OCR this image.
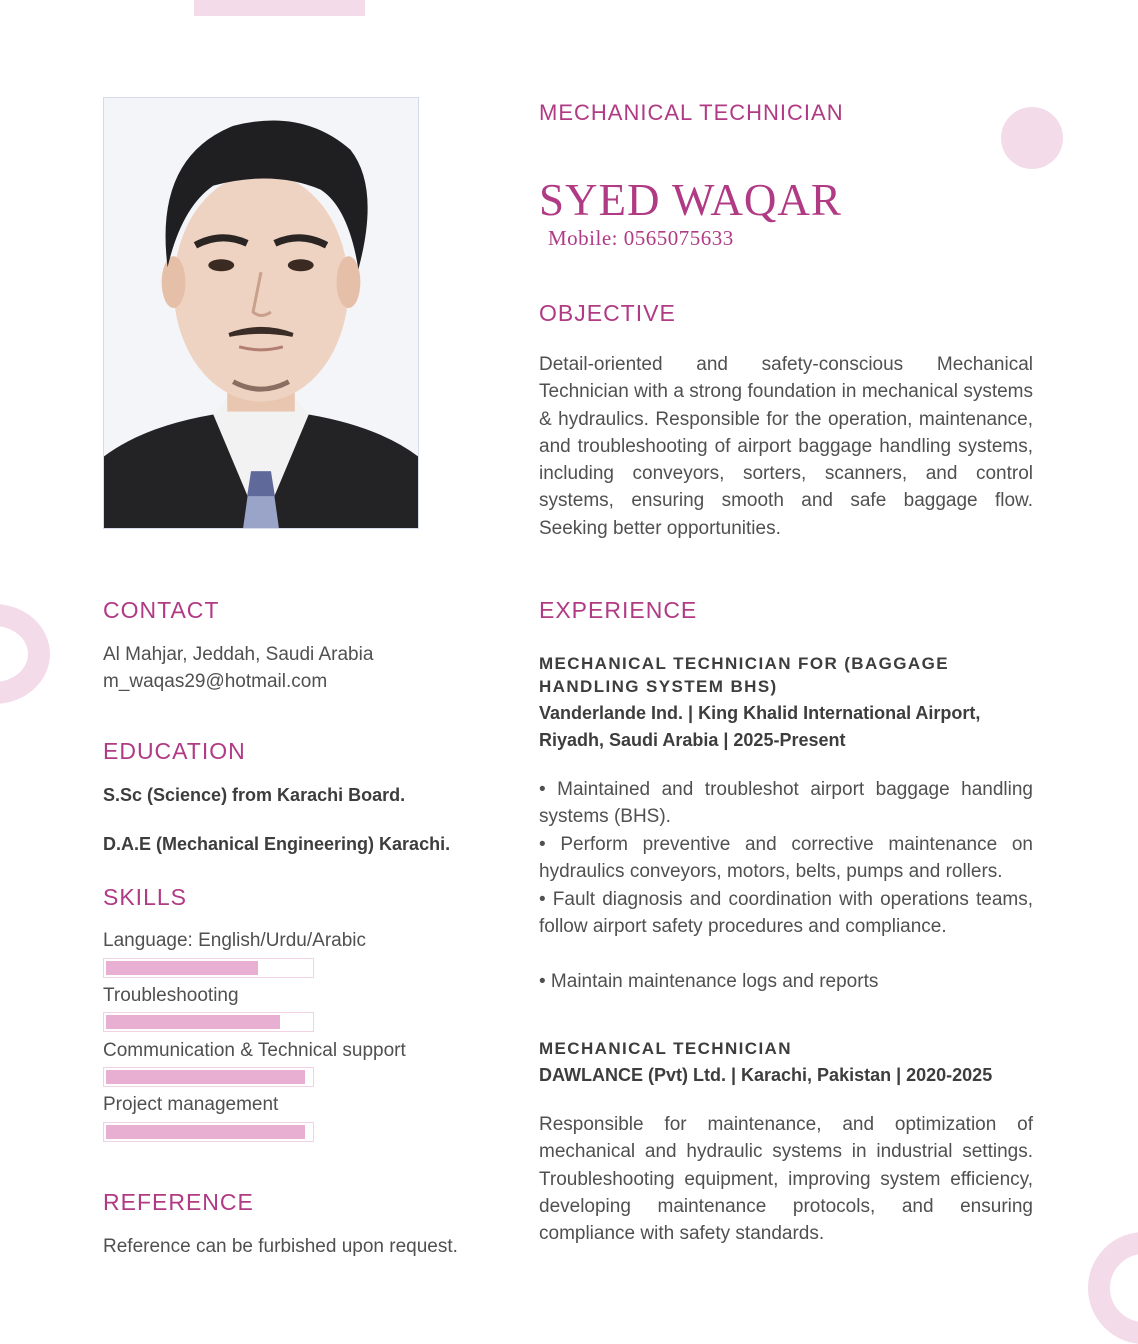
MECHANICAL TECHNICIAN
SYED WAQAR
Mobile: 0565075633
OBJECTIVE

Detail-oriented and safety-conscious Mechanical Technician with a strong foundation in mechanical systems & hydraulics. Responsible for the operation, maintenance, and troubleshooting of airport baggage handling systems, including conveyors, sorters, scanners, and control systems, ensuring smooth and safe baggage flow. Seeking better opportunities.

CONTACT

Al Mahjar, Jeddah, Saudi Arabia

m_waqas29@hotmail.com

EDUCATION

S.Sc (Science) from Karachi Board.

D.A.E (Mechanical Engineering) Karachi.

SKILLS
Language: English/Urdu/Arabic
Troubleshooting
Communication & Technical support
Project management
REFERENCE

Reference can be furbished upon request.

EXPERIENCE

MECHANICAL TECHNICIAN FOR (BAGGAGE HANDLING SYSTEM BHS)

Vanderlande Ind. | King Khalid International Airport, Riyadh, Saudi Arabia | 2025-Present

• Maintained and troubleshot airport baggage handling systems (BHS).

• Perform preventive and corrective maintenance on hydraulics conveyors, motors, belts, pumps and rollers.

• Fault diagnosis and coordination with operations teams, follow airport safety procedures and compliance.

• Maintain maintenance logs and reports

MECHANICAL TECHNICIAN

DAWLANCE (Pvt) Ltd. | Karachi, Pakistan | 2020-2025

Responsible for maintenance, and optimization of mechanical and hydraulic systems in industrial settings. Troubleshooting equipment, improving system efficiency, developing maintenance protocols, and ensuring compliance with safety standards.
